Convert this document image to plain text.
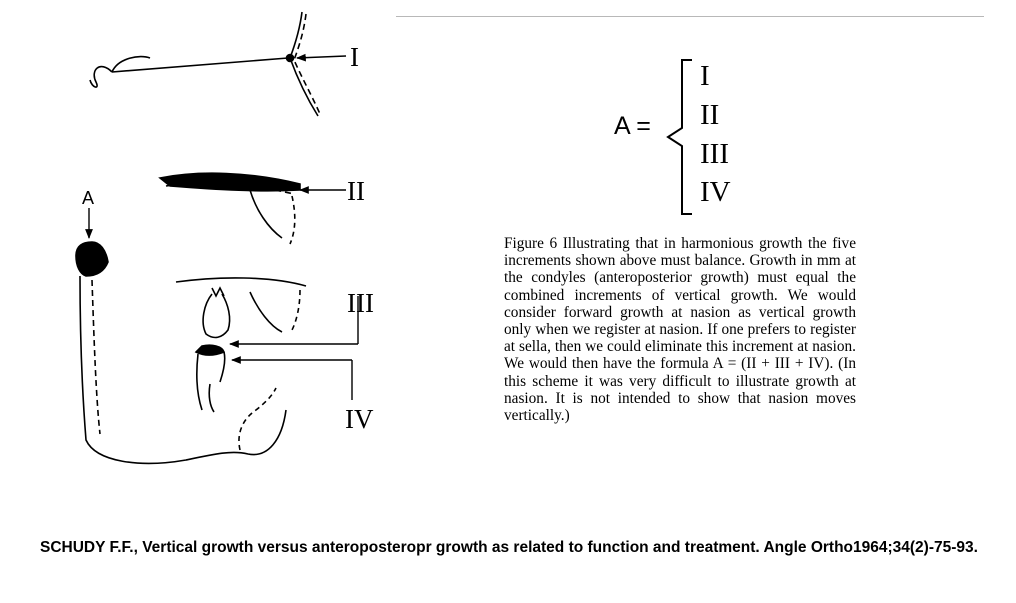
I
II
A
III
IV
A =
I
II
III
IV

Figure 6 Illustrating that in harmonious growth the five increments shown above must balance. Growth in mm at the condyles (anteroposterior growth) must equal the combined increments of vertical growth. We would consider forward growth at nasion as vertical growth only when we register at nasion. If one prefers to register at sella, then we could eliminate this increment at nasion. We would then have the formula A = (II + III + IV). (In this scheme it was very difficult to illustrate growth at nasion. It is not intended to show that nasion moves vertically.)

SCHUDY F.F., Vertical growth versus anteroposteropr growth as related to function and treatment. Angle Ortho1964;34(2)-75-93.
